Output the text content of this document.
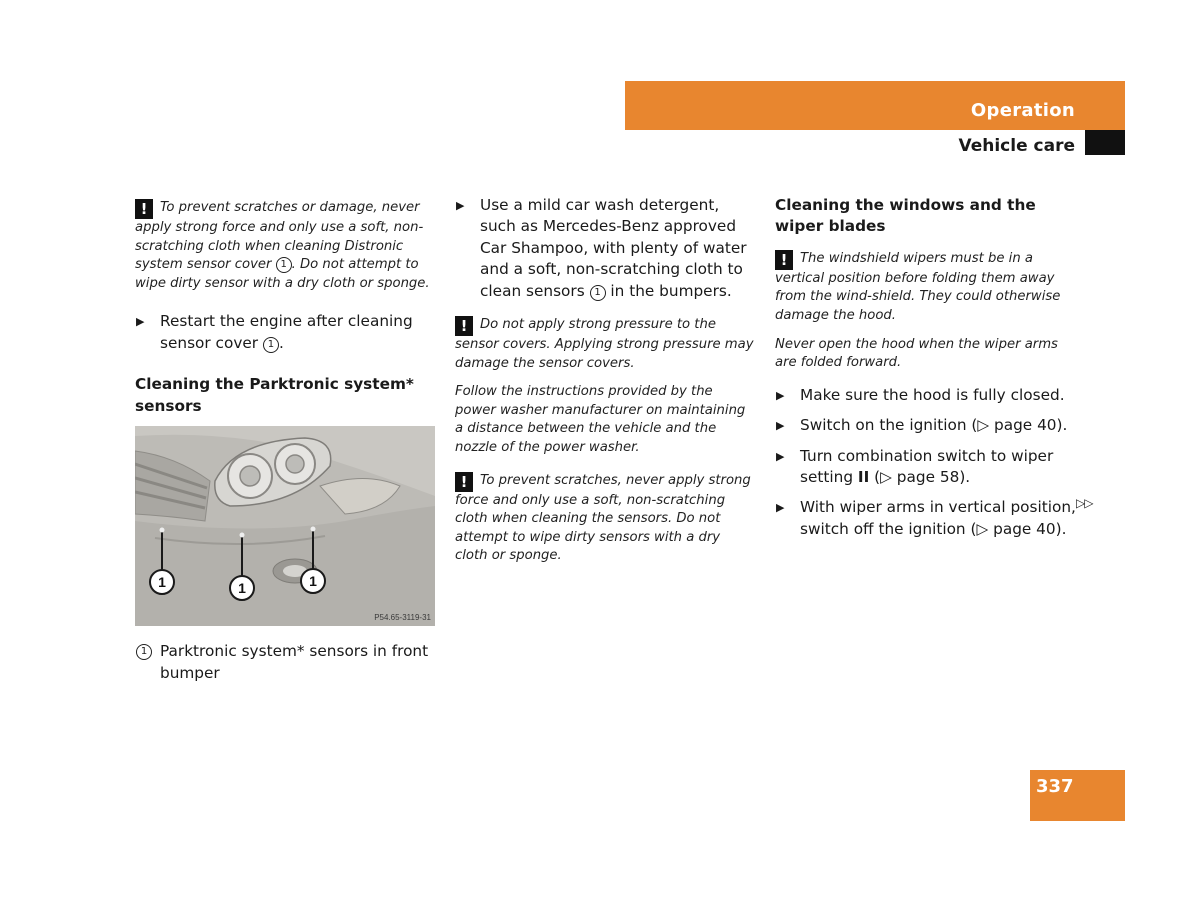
Operation
Vehicle care

! To prevent scratches or damage, never apply strong force and only use a soft, non-scratching cloth when cleaning Distronic system sensor cover 1 . Do not attempt to wipe dirty sensor with a dry cloth or sponge.

▶ Restart the engine after cleaning sensor cover 1 .

Cleaning the Parktronic system* sensors

1	1	1
P54.65-3119-31

1 Parktronic system* sensors in front bumper

▶ Use a mild car wash detergent, such as Mercedes-Benz approved Car Shampoo, with plenty of water and a soft, non-scratching cloth to clean sensors 1 in the bumpers.

! Do not apply strong pressure to the sensor covers. Applying strong pressure may damage the sensor covers.

Follow the instructions provided by the power washer manufacturer on maintaining a distance between the vehicle and the nozzle of the power washer.

! To prevent scratches, never apply strong force and only use a soft, non-scratching cloth when cleaning the sensors. Do not attempt to wipe dirty sensors with a dry cloth or sponge.

Cleaning the windows and the wiper blades

! The windshield wipers must be in a vertical position before folding them away from the wind-shield. They could otherwise damage the hood.

Never open the hood when the wiper arms are folded forward.

▶ Make sure the hood is fully closed.

▶ Switch on the ignition (▷ page 40).

▶ Turn combination switch to wiper setting II (▷ page 58).

▶ With wiper arms in vertical position, switch off the ignition (▷ page 40).

▷▷
337
